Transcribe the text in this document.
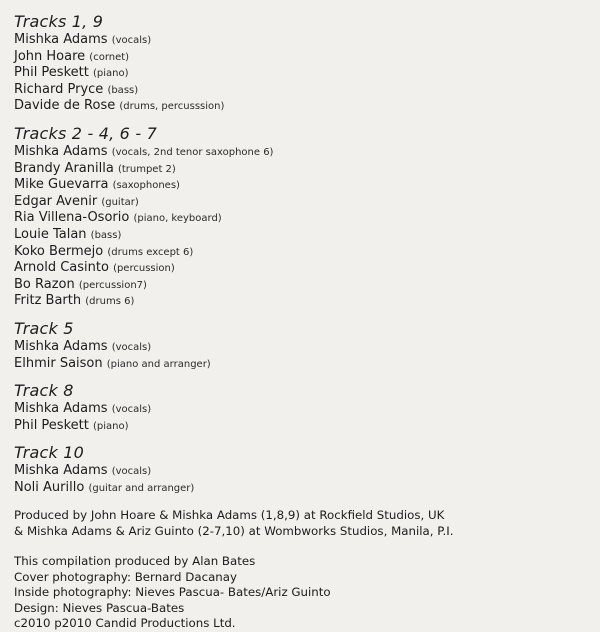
Tracks 1, 9
Mishka Adams (vocals)
John Hoare (cornet)
Phil Peskett (piano)
Richard Pryce (bass)
Davide de Rose (drums, percusssion)
Tracks 2 - 4, 6 - 7
Mishka Adams (vocals, 2nd tenor saxophone 6)
Brandy Aranilla (trumpet 2)
Mike Guevarra (saxophones)
Edgar Avenir (guitar)
Ria Villena-Osorio (piano, keyboard)
Louie Talan (bass)
Koko Bermejo (drums except 6)
Arnold Casinto (percussion)
Bo Razon (percussion7)
Fritz Barth (drums 6)
Track 5
Mishka Adams (vocals)
Elhmir Saison (piano and arranger)
Track 8
Mishka Adams (vocals)
Phil Peskett (piano)
Track 10
Mishka Adams (vocals)
Noli Aurillo (guitar and arranger)
Produced by John Hoare & Mishka Adams (1,8,9) at Rockfield Studios, UK
& Mishka Adams & Ariz Guinto (2-7,10) at Wombworks Studios, Manila, P.I.
This compilation produced by Alan Bates
Cover photography: Bernard Dacanay
Inside photography: Nieves Pascua- Bates/Ariz Guinto
Design: Nieves Pascua-Bates
c2010 p2010 Candid Productions Ltd.
